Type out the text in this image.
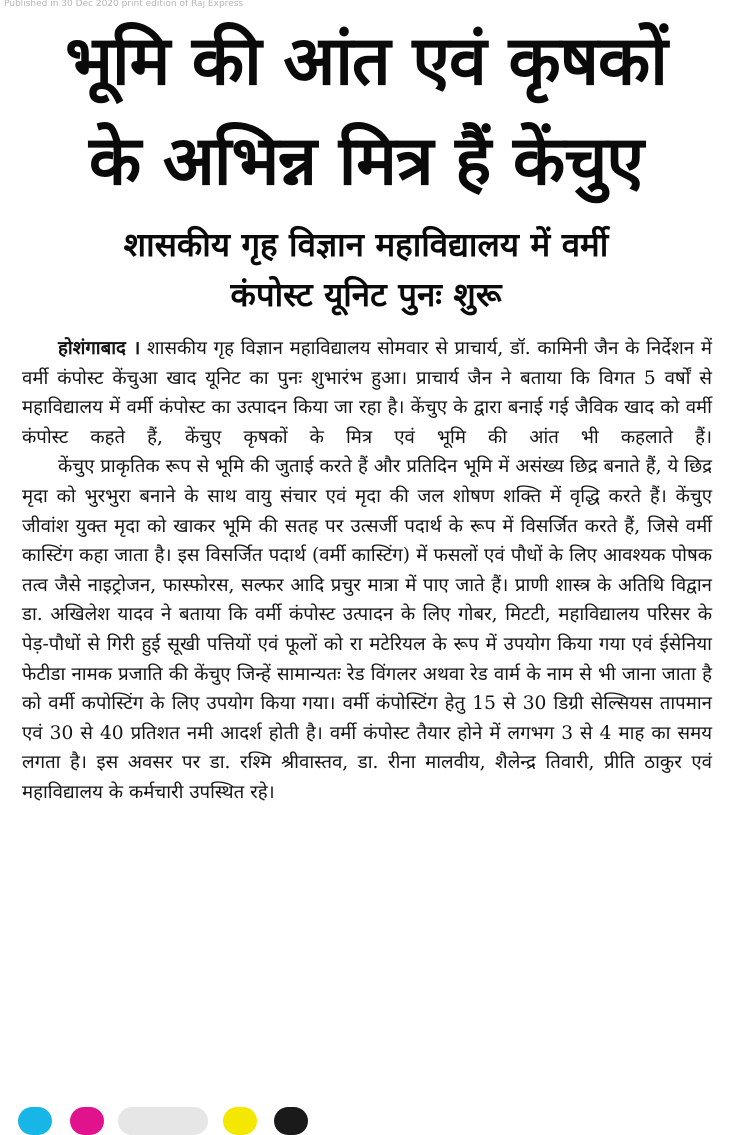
Published in 30 Dec 2020 print edition of Raj Express
भूमि की आंत एवं कृषकों
के अभिन्न मित्र हैं केंचुए
शासकीय गृह विज्ञान महाविद्यालय में वर्मी
कंपोस्ट यूनिट पुनः शुरू

होशंगाबाद । शासकीय गृह विज्ञान महाविद्यालय सोमवार से प्राचार्य, डॉ. कामिनी जैन के निर्देशन में वर्मी कंपोस्ट केंचुआ खाद यूनिट का पुनः शुभारंभ हुआ। प्राचार्य जैन ने बताया कि विगत 5 वर्षों से महाविद्यालय में वर्मी कंपोस्ट का उत्पादन किया जा रहा है। केंचुए के द्वारा बनाई गई जैविक खाद को वर्मी कंपोस्ट कहते हैं, केंचुए कृषकों के मित्र एवं भूमि की आंत भी कहलाते हैं।

केंचुए प्राकृतिक रूप से भूमि की जुताई करते हैं और प्रतिदिन भूमि में असंख्य छिद्र बनाते हैं, ये छिद्र मृदा को भुरभुरा बनाने के साथ वायु संचार एवं मृदा की जल शोषण शक्ति में वृद्धि करते हैं। केंचुए जीवांश युक्त मृदा को खाकर भूमि की सतह पर उत्सर्जी पदार्थ के रूप में विसर्जित करते हैं, जिसे वर्मी कास्टिंग कहा जाता है। इस विसर्जित पदार्थ (वर्मी कास्टिंग) में फसलों एवं पौधों के लिए आवश्यक पोषक तत्व जैसे नाइट्रोजन, फास्फोरस, सल्फर आदि प्रचुर मात्रा में पाए जाते हैं। प्राणी शास्त्र के अतिथि विद्वान डा. अखिलेश यादव ने बताया कि वर्मी कंपोस्ट उत्पादन के लिए गोबर, मिटटी, महाविद्यालय परिसर के पेड़-पौधों से गिरी हुई सूखी पत्तियों एवं फूलों को रा मटेरियल के रूप में उपयोग किया गया एवं ईसेनिया फेटीडा नामक प्रजाति की केंचुए जिन्हें सामान्यतः रेड विंगलर अथवा रेड वार्म के नाम से भी जाना जाता है को वर्मी कपोस्टिंग के लिए उपयोग किया गया। वर्मी कंपोस्टिंग हेतु 15 से 30 डिग्री सेल्सियस तापमान एवं 30 से 40 प्रतिशत नमी आदर्श होती है। वर्मी कंपोस्ट तैयार होने में लगभग 3 से 4 माह का समय लगता है। इस अवसर पर डा. रश्मि श्रीवास्तव, डा. रीना मालवीय, शैलेन्द्र तिवारी, प्रीति ठाकुर एवं महाविद्यालय के कर्मचारी उपस्थित रहे।
